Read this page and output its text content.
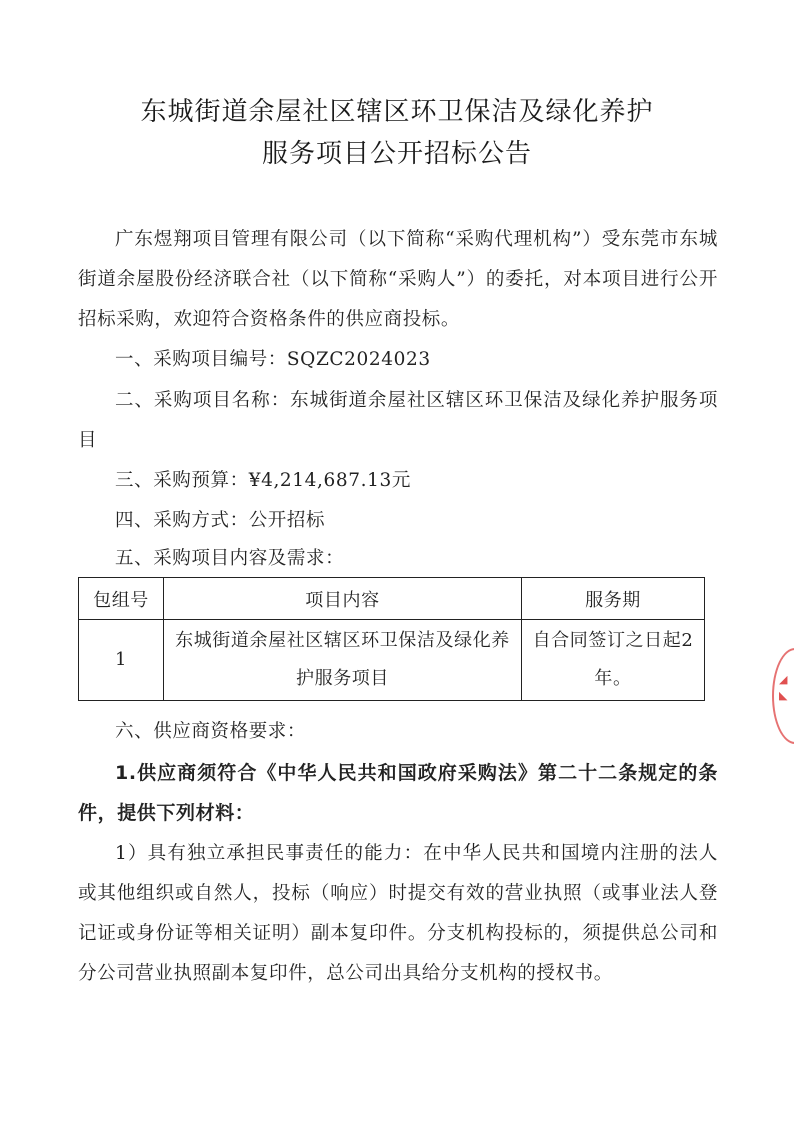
东城街道余屋社区辖区环卫保洁及绿化养护
服务项目公开招标公告

广东煜翔项目管理有限公司（以下简称“采购代理机构”）受东莞市东城街道余屋股份经济联合社（以下简称“采购人”）的委托，对本项目进行公开招标采购，欢迎符合资格条件的供应商投标。

一、采购项目编号：SQZC2024023

二、采购项目名称：东城街道余屋社区辖区环卫保洁及绿化养护服务项目

三、采购预算：¥4,214,687.13元

四、采购方式：公开招标

五、采购项目内容及需求：

包组号	项目内容	服务期
1	东城街道余屋社区辖区环卫保洁及绿化养护服务项目	自合同签订之日起2年。

六、供应商资格要求：

1.供应商须符合《中华人民共和国政府采购法》第二十二条规定的条件，提供下列材料：

1）具有独立承担民事责任的能力：在中华人民共和国境内注册的法人或其他组织或自然人，投标（响应）时提交有效的营业执照（或事业法人登记证或身份证等相关证明）副本复印件。分支机构投标的，须提供总公司和分公司营业执照副本复印件，总公司出具给分支机构的授权书。

◢
◣
